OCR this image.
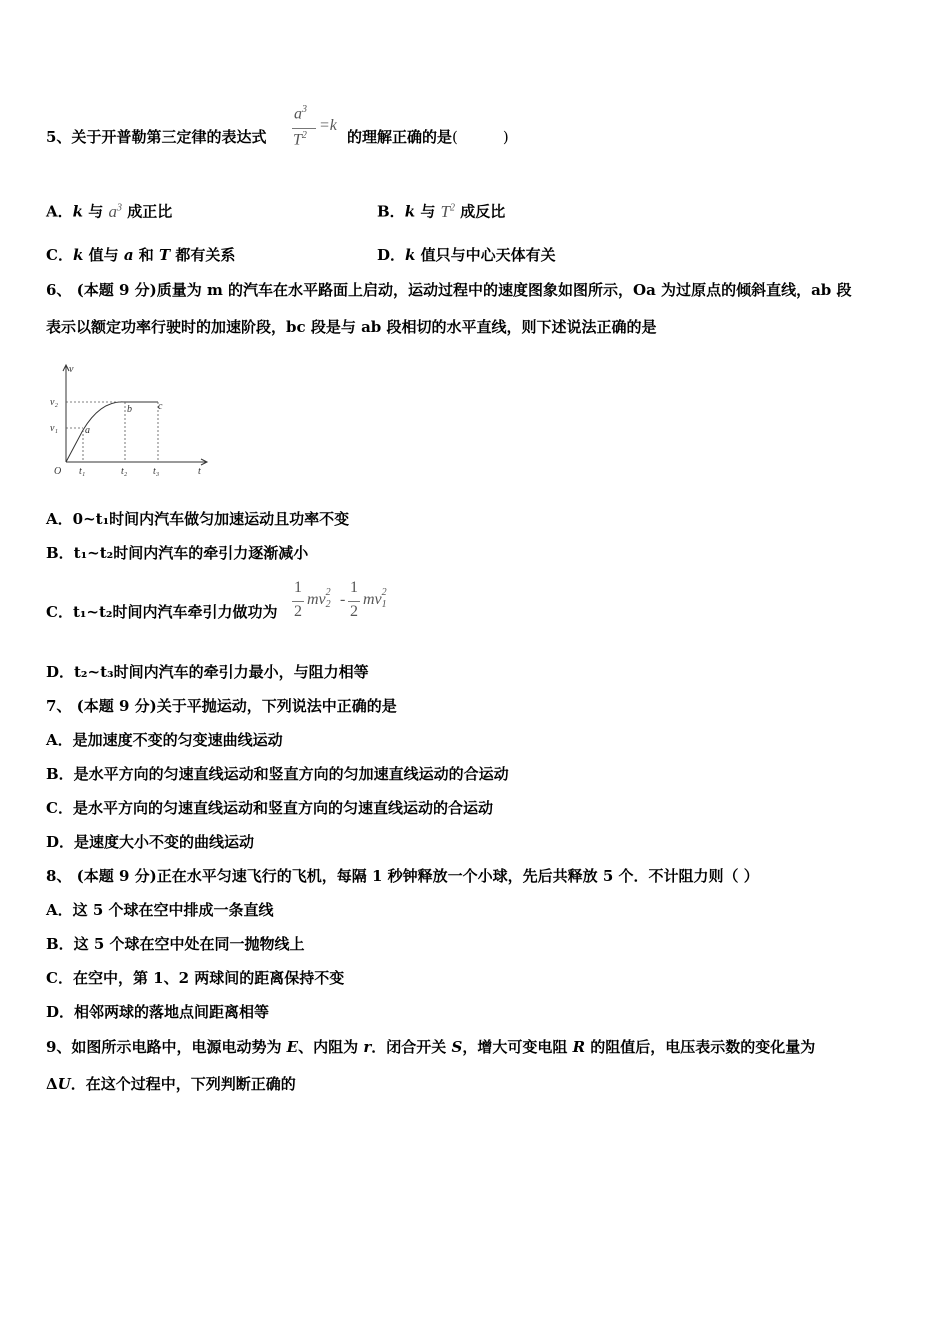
5、关于开普勒第三定律的表达式
$a^3$
$T^2$
=k
的理解正确的是(　　　)
A．k 与 $a^3$ 成正比	B．k 与 $T^2$ 成反比
C．k 值与 a 和 T 都有关系	D．k 值只与中心天体有关
6、 (本题 9 分)质量为 m 的汽车在水平路面上启动，运动过程中的速度图象如图所示，Oa 为过原点的倾斜直线，ab 段
表示以额定功率行驶时的加速阶段，bc 段是与 ab 段相切的水平直线，则下述说法正确的是
v
v₂
v₁
O t₁	t₂	t₃	t
a
b	c
A．0~t₁时间内汽车做匀加速运动且功率不变
B．t₁~t₂时间内汽车的牵引力逐渐减小
C．t₁~t₂时间内汽车牵引力做功为
1
2
mv 2
2 -
1
2
mv 2
1
D．t₂~t₃时间内汽车的牵引力最小，与阻力相等
7、 (本题 9 分)关于平抛运动，下列说法中正确的是
A．是加速度不变的匀变速曲线运动
B．是水平方向的匀速直线运动和竖直方向的匀加速直线运动的合运动
C．是水平方向的匀速直线运动和竖直方向的匀速直线运动的合运动
D．是速度大小不变的曲线运动
8、 (本题 9 分)正在水平匀速飞行的飞机，每隔 1 秒钟释放一个小球，先后共释放 5 个．不计阻力则（ ）
A．这 5 个球在空中排成一条直线
B．这 5 个球在空中处在同一抛物线上
C．在空中，第 1、2 两球间的距离保持不变
D．相邻两球的落地点间距离相等
9、如图所示电路中，电源电动势为 E、内阻为 r．闭合开关 S，增大可变电阻 R 的阻值后，电压表示数的变化量为
ΔU．在这个过程中，下列判断正确的
